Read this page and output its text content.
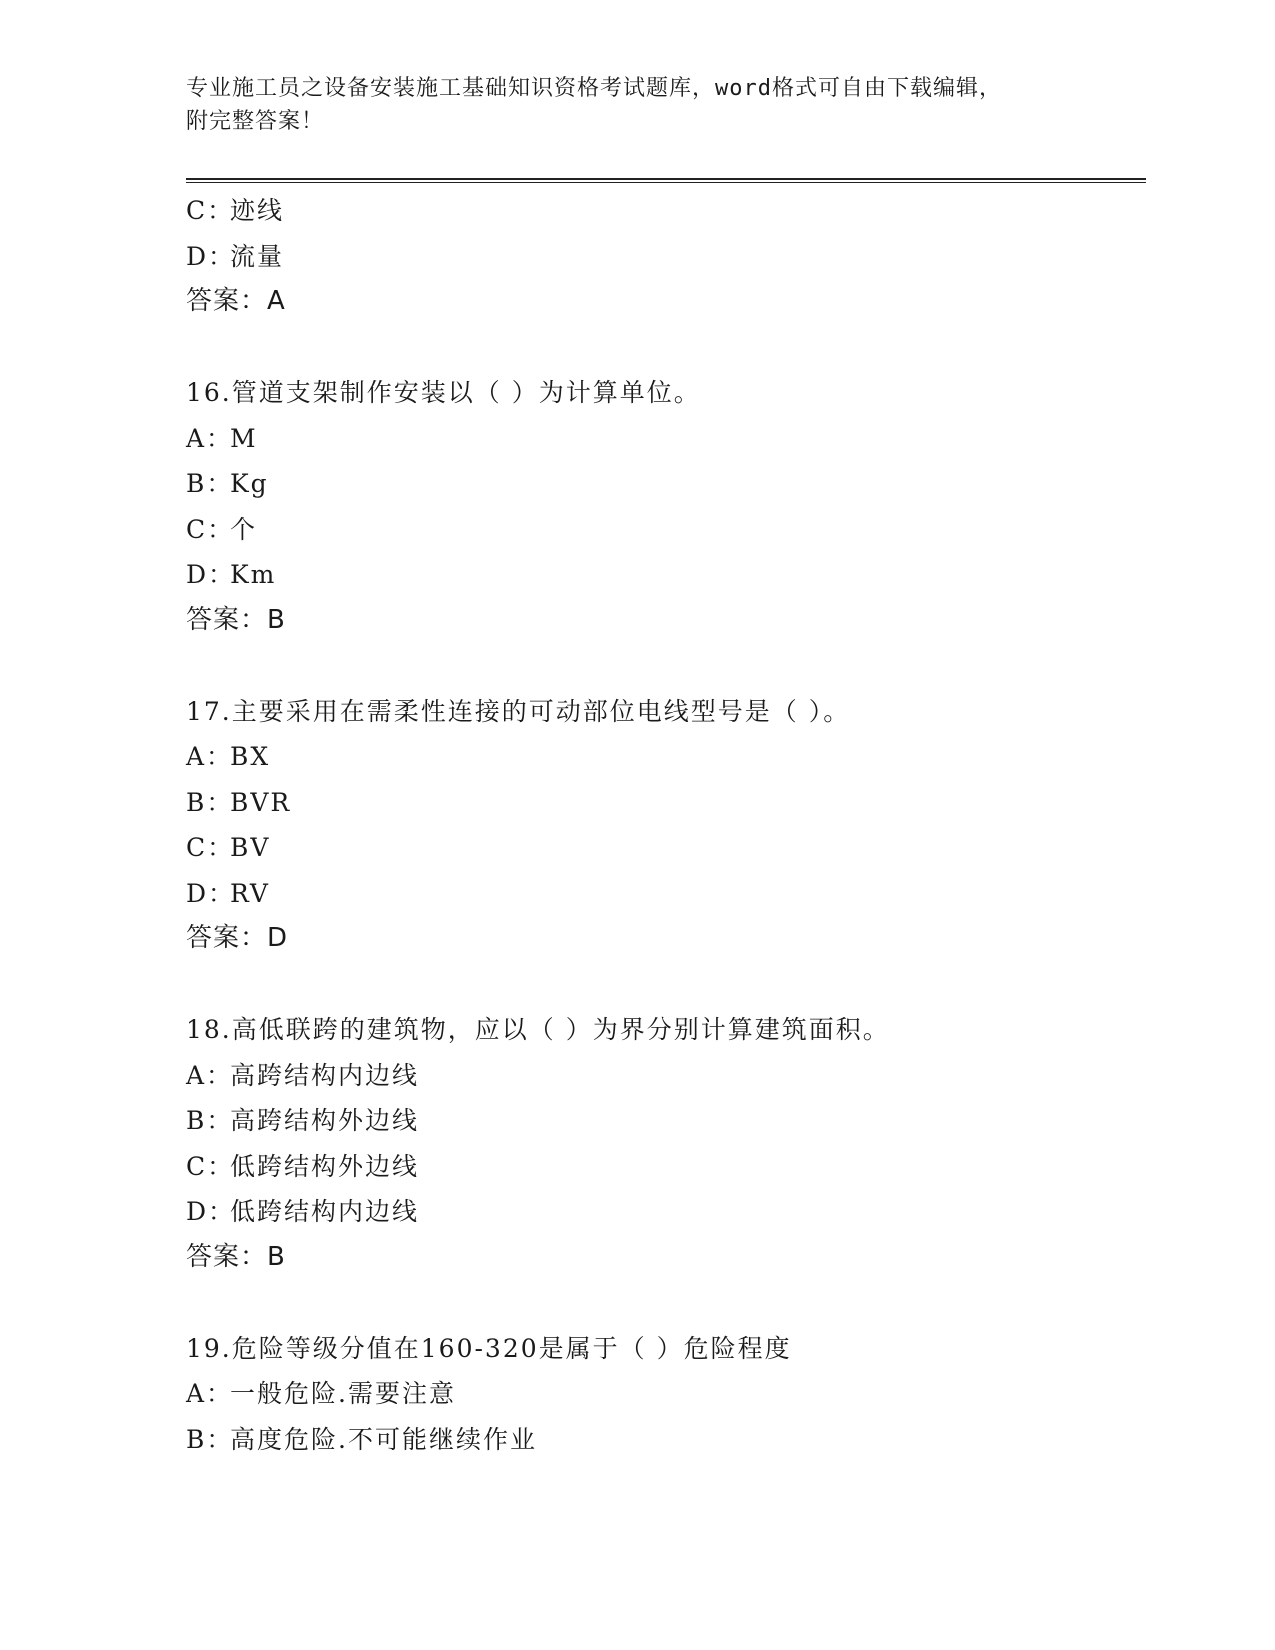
专业施工员之设备安装施工基础知识资格考试题库，word格式可自由下载编辑，
附完整答案！
C：迹线
D：流量
答案：A
16.管道支架制作安装以（ ）为计算单位。
A：M
B：Kg
C：个
D：Km
答案：B
17.主要采用在需柔性连接的可动部位电线型号是（ ）。
A：BX
B：BVR
C：BV
D：RV
答案：D
18.高低联跨的建筑物，应以（ ）为界分别计算建筑面积。
A：高跨结构内边线
B：高跨结构外边线
C：低跨结构外边线
D：低跨结构内边线
答案：B
19.危险等级分值在160-320是属于（ ）危险程度
A：一般危险.需要注意
B：高度危险.不可能继续作业
